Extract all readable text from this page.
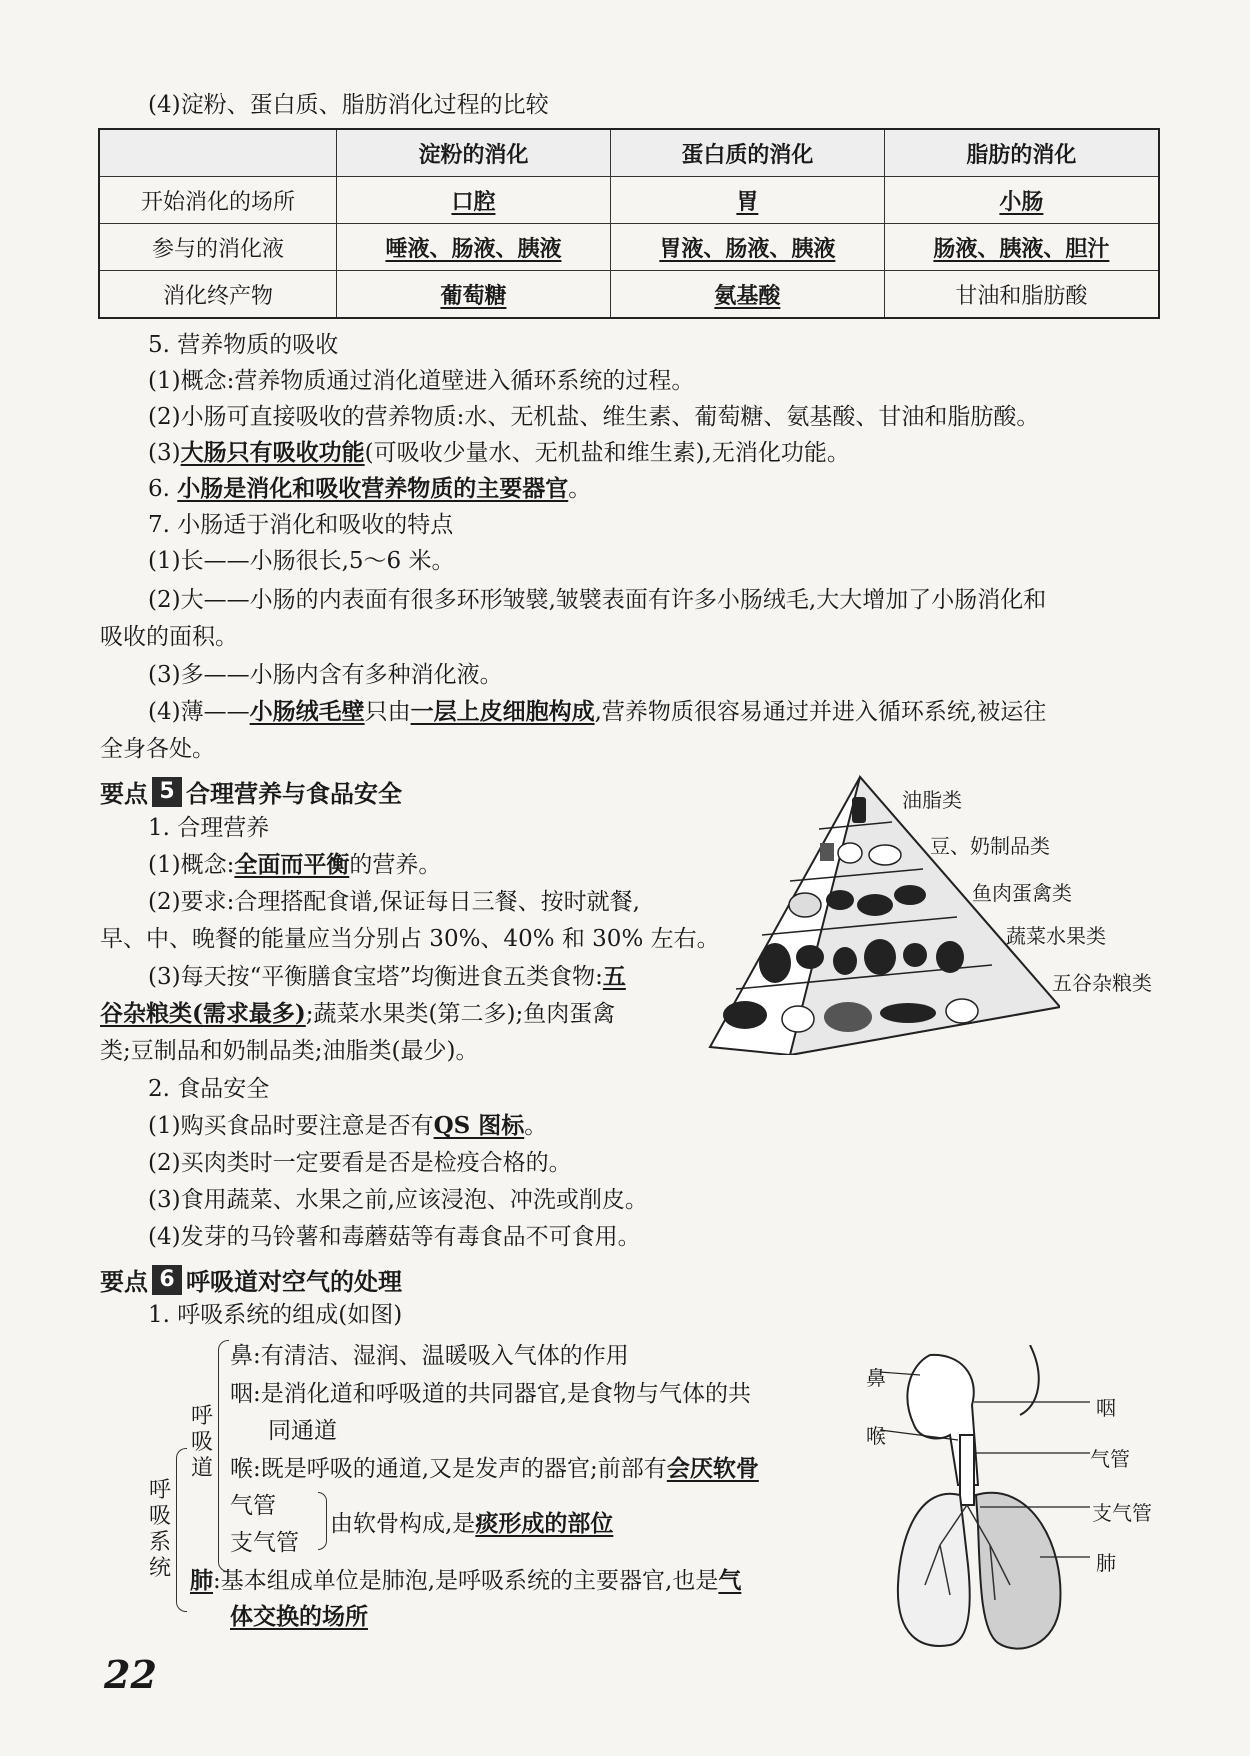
(4)淀粉、蛋白质、脂肪消化过程的比较
	淀粉的消化	蛋白质的消化	脂肪的消化
开始消化的场所	口腔	胃	小肠
参与的消化液	唾液、肠液、胰液	胃液、肠液、胰液	肠液、胰液、胆汁
消化终产物	葡萄糖	氨基酸	甘油和脂肪酸
5. 营养物质的吸收
(1)概念:营养物质通过消化道壁进入循环系统的过程。
(2)小肠可直接吸收的营养物质:水、无机盐、维生素、葡萄糖、氨基酸、甘油和脂肪酸。
(3)大肠只有吸收功能(可吸收少量水、无机盐和维生素),无消化功能。
6. 小肠是消化和吸收营养物质的主要器官。
7. 小肠适于消化和吸收的特点
(1)长——小肠很长,5～6 米。
(2)大——小肠的内表面有很多环形皱襞,皱襞表面有许多小肠绒毛,大大增加了小肠消化和
吸收的面积。
(3)多——小肠内含有多种消化液。
(4)薄——小肠绒毛壁只由一层上皮细胞构成,营养物质很容易通过并进入循环系统,被运往
全身各处。
要点 5 合理营养与食品安全
1. 合理营养
(1)概念:全面而平衡的营养。
(2)要求:合理搭配食谱,保证每日三餐、按时就餐,
早、中、晚餐的能量应当分别占 30%、40% 和 30% 左右。
(3)每天按“平衡膳食宝塔”均衡进食五类食物:五
谷杂粮类(需求最多);蔬菜水果类(第二多);鱼肉蛋禽
类;豆制品和奶制品类;油脂类(最少)。
2. 食品安全
(1)购买食品时要注意是否有QS 图标。
(2)买肉类时一定要看是否是检疫合格的。
(3)食用蔬菜、水果之前,应该浸泡、冲洗或削皮。
(4)发芽的马铃薯和毒蘑菇等有毒食品不可食用。
油脂类
豆、奶制品类
鱼肉蛋禽类
蔬菜水果类
五谷杂粮类
要点 6 呼吸道对空气的处理
1. 呼吸系统的组成(如图)
呼吸系统
呼吸道
鼻:有清洁、湿润、温暖吸入气体的作用
咽:是消化道和呼吸道的共同器官,是食物与气体的共
同通道
喉:既是呼吸的通道,又是发声的器官;前部有会厌软骨
气管
支气管
由软骨构成,是痰形成的部位
肺:基本组成单位是肺泡,是呼吸系统的主要器官,也是气
体交换的场所
鼻
喉
咽
气管
支气管
肺
22
